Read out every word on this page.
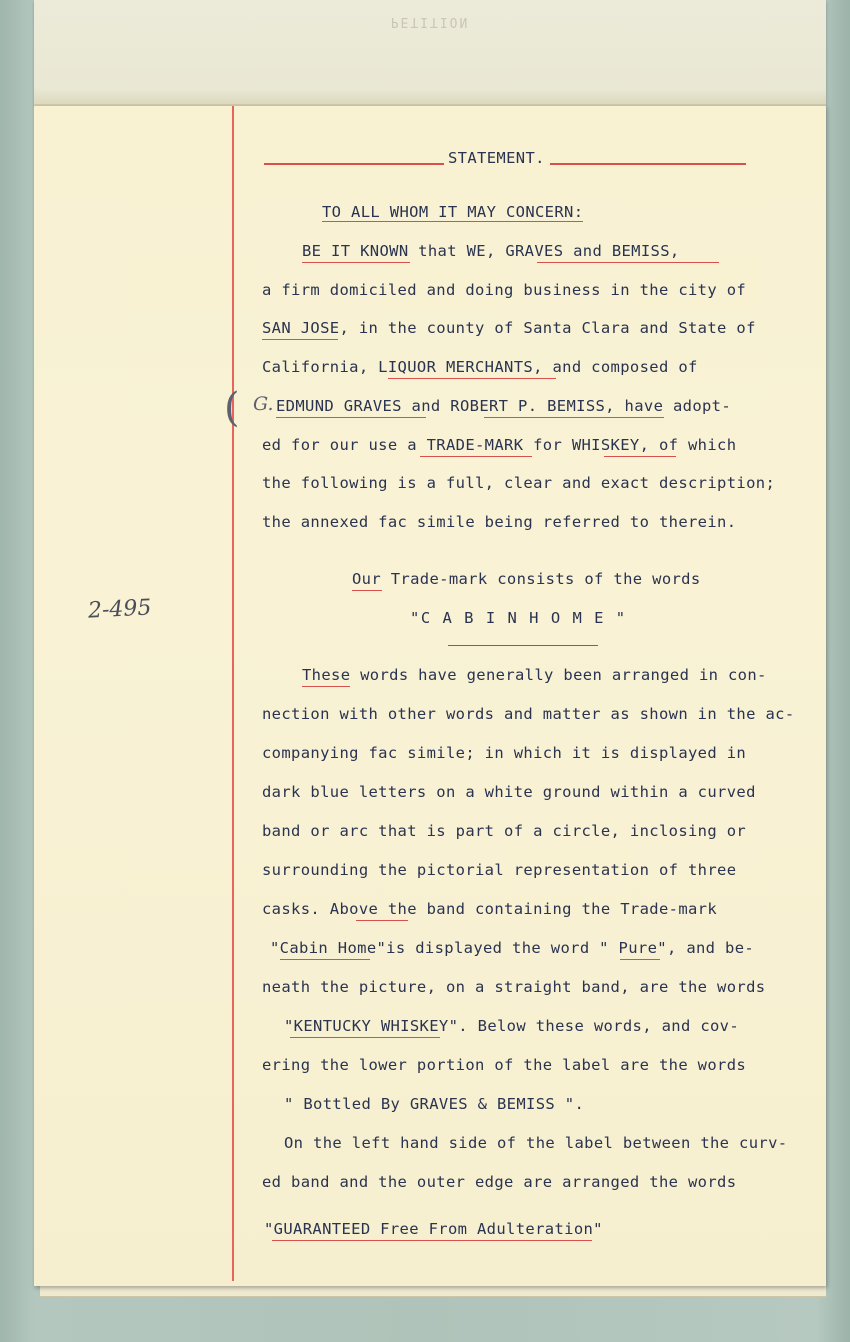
PETITION
2-495
STATEMENT.
TO ALL WHOM IT MAY CONCERN:
BE IT KNOWN that WE, GRAVES and BEMISS,
a firm domiciled and doing business in the city of
SAN JOSE, in the county of Santa Clara and State of
California, LIQUOR MERCHANTS, and composed of
( G. EDMUND GRAVES and ROBERT P. BEMISS, have adopt-
ed for our use a TRADE-MARK for WHISKEY, of which
the following is a full, clear and exact description;
the annexed fac simile being referred to therein.
Our Trade-mark consists of the words
"C A B I N H O M E "
These words have generally been arranged in con-
nection with other words and matter as shown in the ac-
companying fac simile; in which it is displayed in
dark blue letters on a white ground within a curved
band or arc that is part of a circle, inclosing or
surrounding the pictorial representation of three
casks. Above the band containing the Trade-mark
"Cabin Home"is displayed the word " Pure", and be-
neath the picture, on a straight band, are the words
"KENTUCKY WHISKEY". Below these words, and cov-
ering the lower portion of the label are the words
" Bottled By GRAVES & BEMISS ".
On the left hand side of the label between the curv-
ed band and the outer edge are arranged the words
"GUARANTEED Free From Adulteration"
